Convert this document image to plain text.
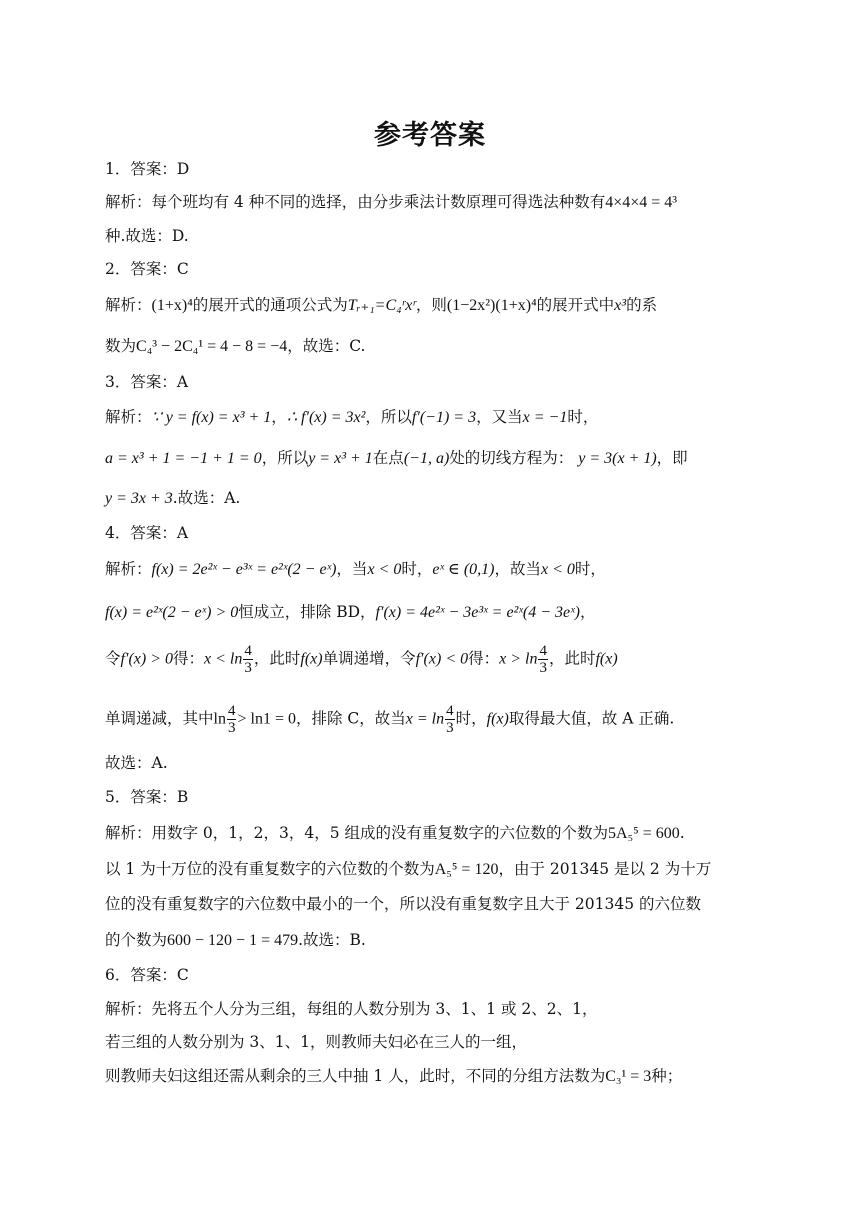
参考答案
1．答案：D
解析：每个班均有 4 种不同的选择，由分步乘法计数原理可得选法种数有4×4×4 = 4³
种.故选：D.
2．答案：C
解析：(1+x)⁴的展开式的通项公式为Tᵣ₊₁=C₄ʳxʳ，则(1−2x²)(1+x)⁴的展开式中x³的系
数为C₄³ − 2C₄¹ = 4 − 8 = −4，故选：C.
3．答案：A
解析：∵ y = f(x) = x³ + 1，∴ f′(x) = 3x²，所以f′(−1) = 3，又当x = −1时，
a = x³ + 1 = −1 + 1 = 0，所以y = x³ + 1在点(−1, a)处的切线方程为： y = 3(x + 1)，即
y = 3x + 3.故选：A.
4．答案：A
解析：f(x) = 2e²ˣ − e³ˣ = e²ˣ(2 − eˣ)，当x < 0时，eˣ ∈ (0,1)，故当x < 0时，
f(x) = e²ˣ(2 − eˣ) > 0恒成立，排除 BD，f′(x) = 4e²ˣ − 3e³ˣ = e²ˣ(4 − 3eˣ)，
令f′(x) > 0得：$x < \ln \frac{4}{3}$ ，此时f(x)单调递增，令f′(x) < 0得：$x > \ln \frac{4}{3}$ ，此时f(x)
单调递减，其中$\ln \frac{4}{3} > \ln 1 = 0$，排除 C，故当$x = \ln \frac{4}{3}$ 时，f(x)取得最大值，故 A 正确.
故选：A.
5．答案：B
解析：用数字 0，1，2，3，4，5 组成的没有重复数字的六位数的个数为5A₅⁵ = 600.
以 1 为十万位的没有重复数字的六位数的个数为A₅⁵ = 120，由于 201345 是以 2 为十万
位的没有重复数字的六位数中最小的一个，所以没有重复数字且大于 201345 的六位数
的个数为600 − 120 − 1 = 479.故选：B.
6．答案：C
解析：先将五个人分为三组，每组的人数分别为 3、1、1 或 2、2、1，
若三组的人数分别为 3、1、1，则教师夫妇必在三人的一组，
则教师夫妇这组还需从剩余的三人中抽 1 人，此时，不同的分组方法数为C₃¹ = 3种；
